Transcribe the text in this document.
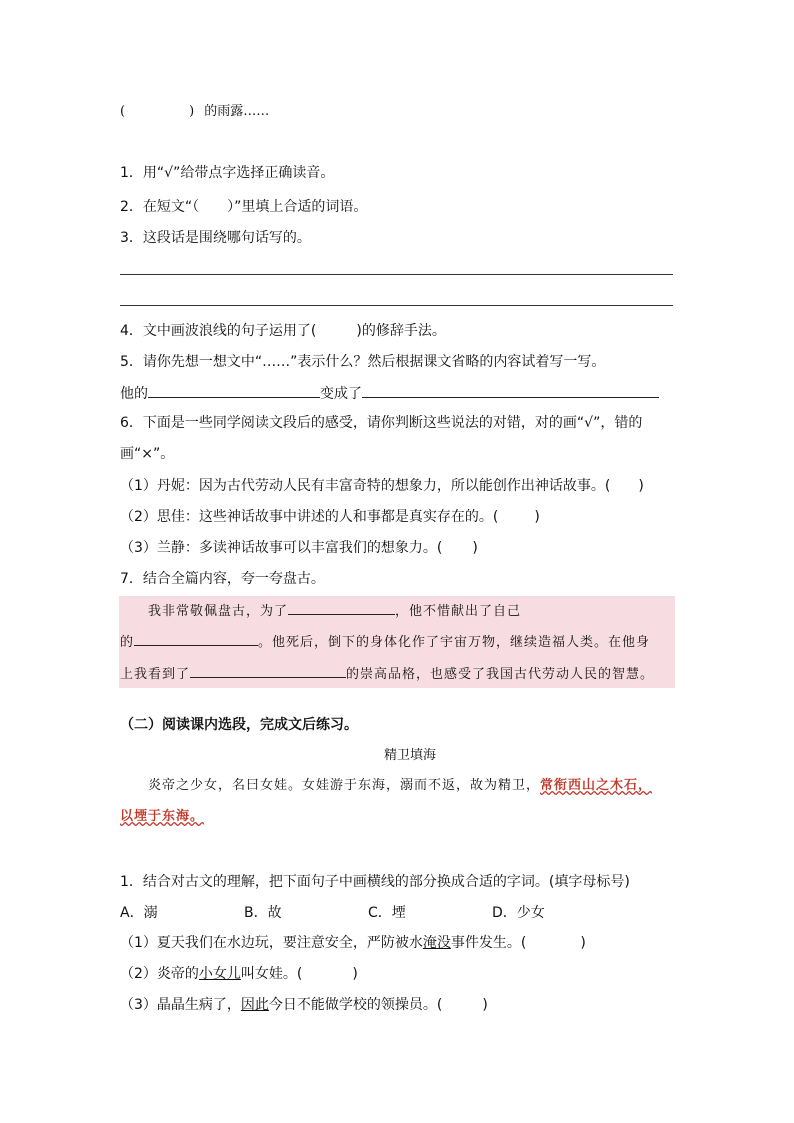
(	) 的雨露……
1．用“√”给带点字选择正确读音。
2．在短文“（　　）”里填上合适的词语。
3．这段话是围绕哪句话写的。
4．文中画波浪线的句子运用了(	)的修辞手法。
5．请你先想一想文中“……”表示什么？然后根据课文省略的内容试着写一写。
他的	变成了
6．下面是一些同学阅读文段后的感受，请你判断这些说法的对错，对的画“√”，错的
画“×”。
（1）丹妮：因为古代劳动人民有丰富奇特的想象力，所以能创作出神话故事。( )
（2）思佳：这些神话故事中讲述的人和事都是真实存在的。(	)
（3）兰静：多读神话故事可以丰富我们的想象力。( )
7．结合全篇内容，夸一夸盘古。
我非常敬佩盘古，为了	，他不惜献出了自己
的	。他死后，倒下的身体化作了宇宙万物，继续造福人类。在他身
上我看到了	的崇高品格，也感受了我国古代劳动人民的智慧。
（二）阅读课内选段，完成文后练习。
精卫填海
炎帝之少女，名曰女娃。女娃游于东海，溺而不返，故为精卫，常衔西山之木石，
以堙于东海。
1．结合对古文的理解，把下面句子中画横线的部分换成合适的字词。(填字母标号)
A．溺	B．故	C．堙	D．少女
（1）夏天我们在水边玩，要注意安全，严防被水淹没事件发生。(	)
（2）炎帝的小女儿叫女娃。(	)
（3）晶晶生病了，因此今日不能做学校的领操员。(	)
